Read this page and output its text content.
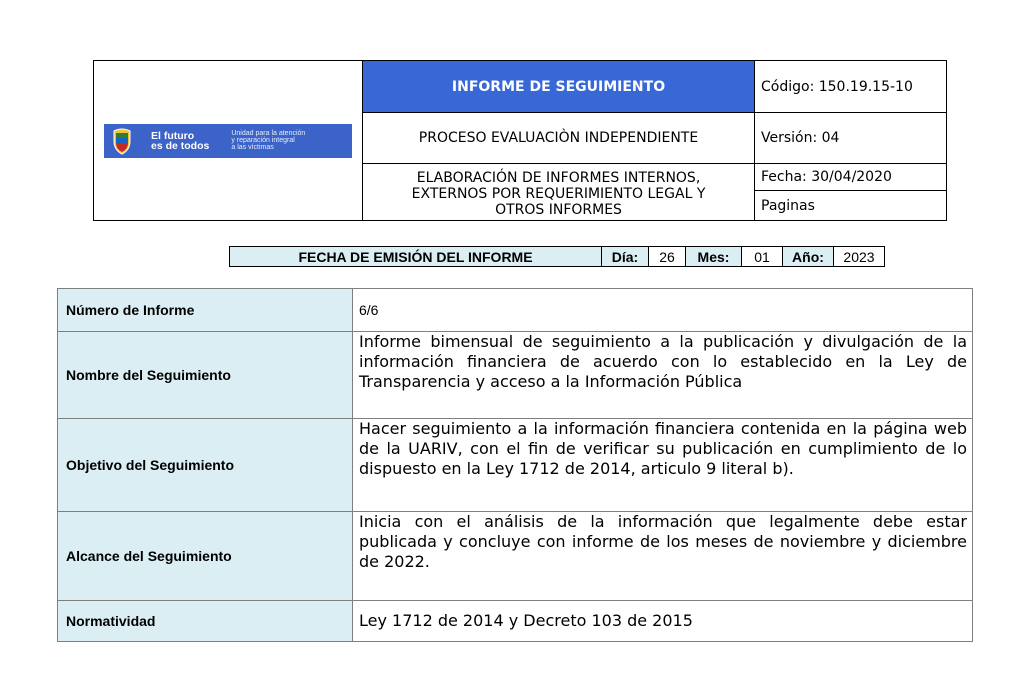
El futuro
es de todos
Unidad para la atención
y reparación integral
a las víctimas	INFORME DE SEGUIMIENTO	Código: 150.19.15-10
	PROCESO EVALUACIÒN INDEPENDIENTE	Versión: 04

	ELABORACIÓN DE INFORMES INTERNOS,
EXTERNOS POR REQUERIMIENTO LEGAL Y
OTROS INFORMES	Fecha: 30/04/2020
		Paginas
FECHA DE EMISIÓN DEL INFORME	Día:	26	Mes:	01	Año:	2023
Número de Informe	6/6
Nombre del Seguimiento	Informe bimensual de seguimiento a la publicación y divulgación de la información financiera de acuerdo con lo establecido en la Ley de Transparencia y acceso a la Información Pública
Objetivo del Seguimiento	Hacer seguimiento a la información financiera contenida en la página web de la UARIV, con el fin de verificar su publicación en cumplimiento de lo dispuesto en la Ley 1712 de 2014, articulo 9 literal b).
Alcance del Seguimiento	Inicia con el análisis de la información que legalmente debe estar publicada y concluye con informe de los meses de noviembre y diciembre de 2022.
Normatividad	Ley 1712 de 2014 y Decreto 103 de 2015
